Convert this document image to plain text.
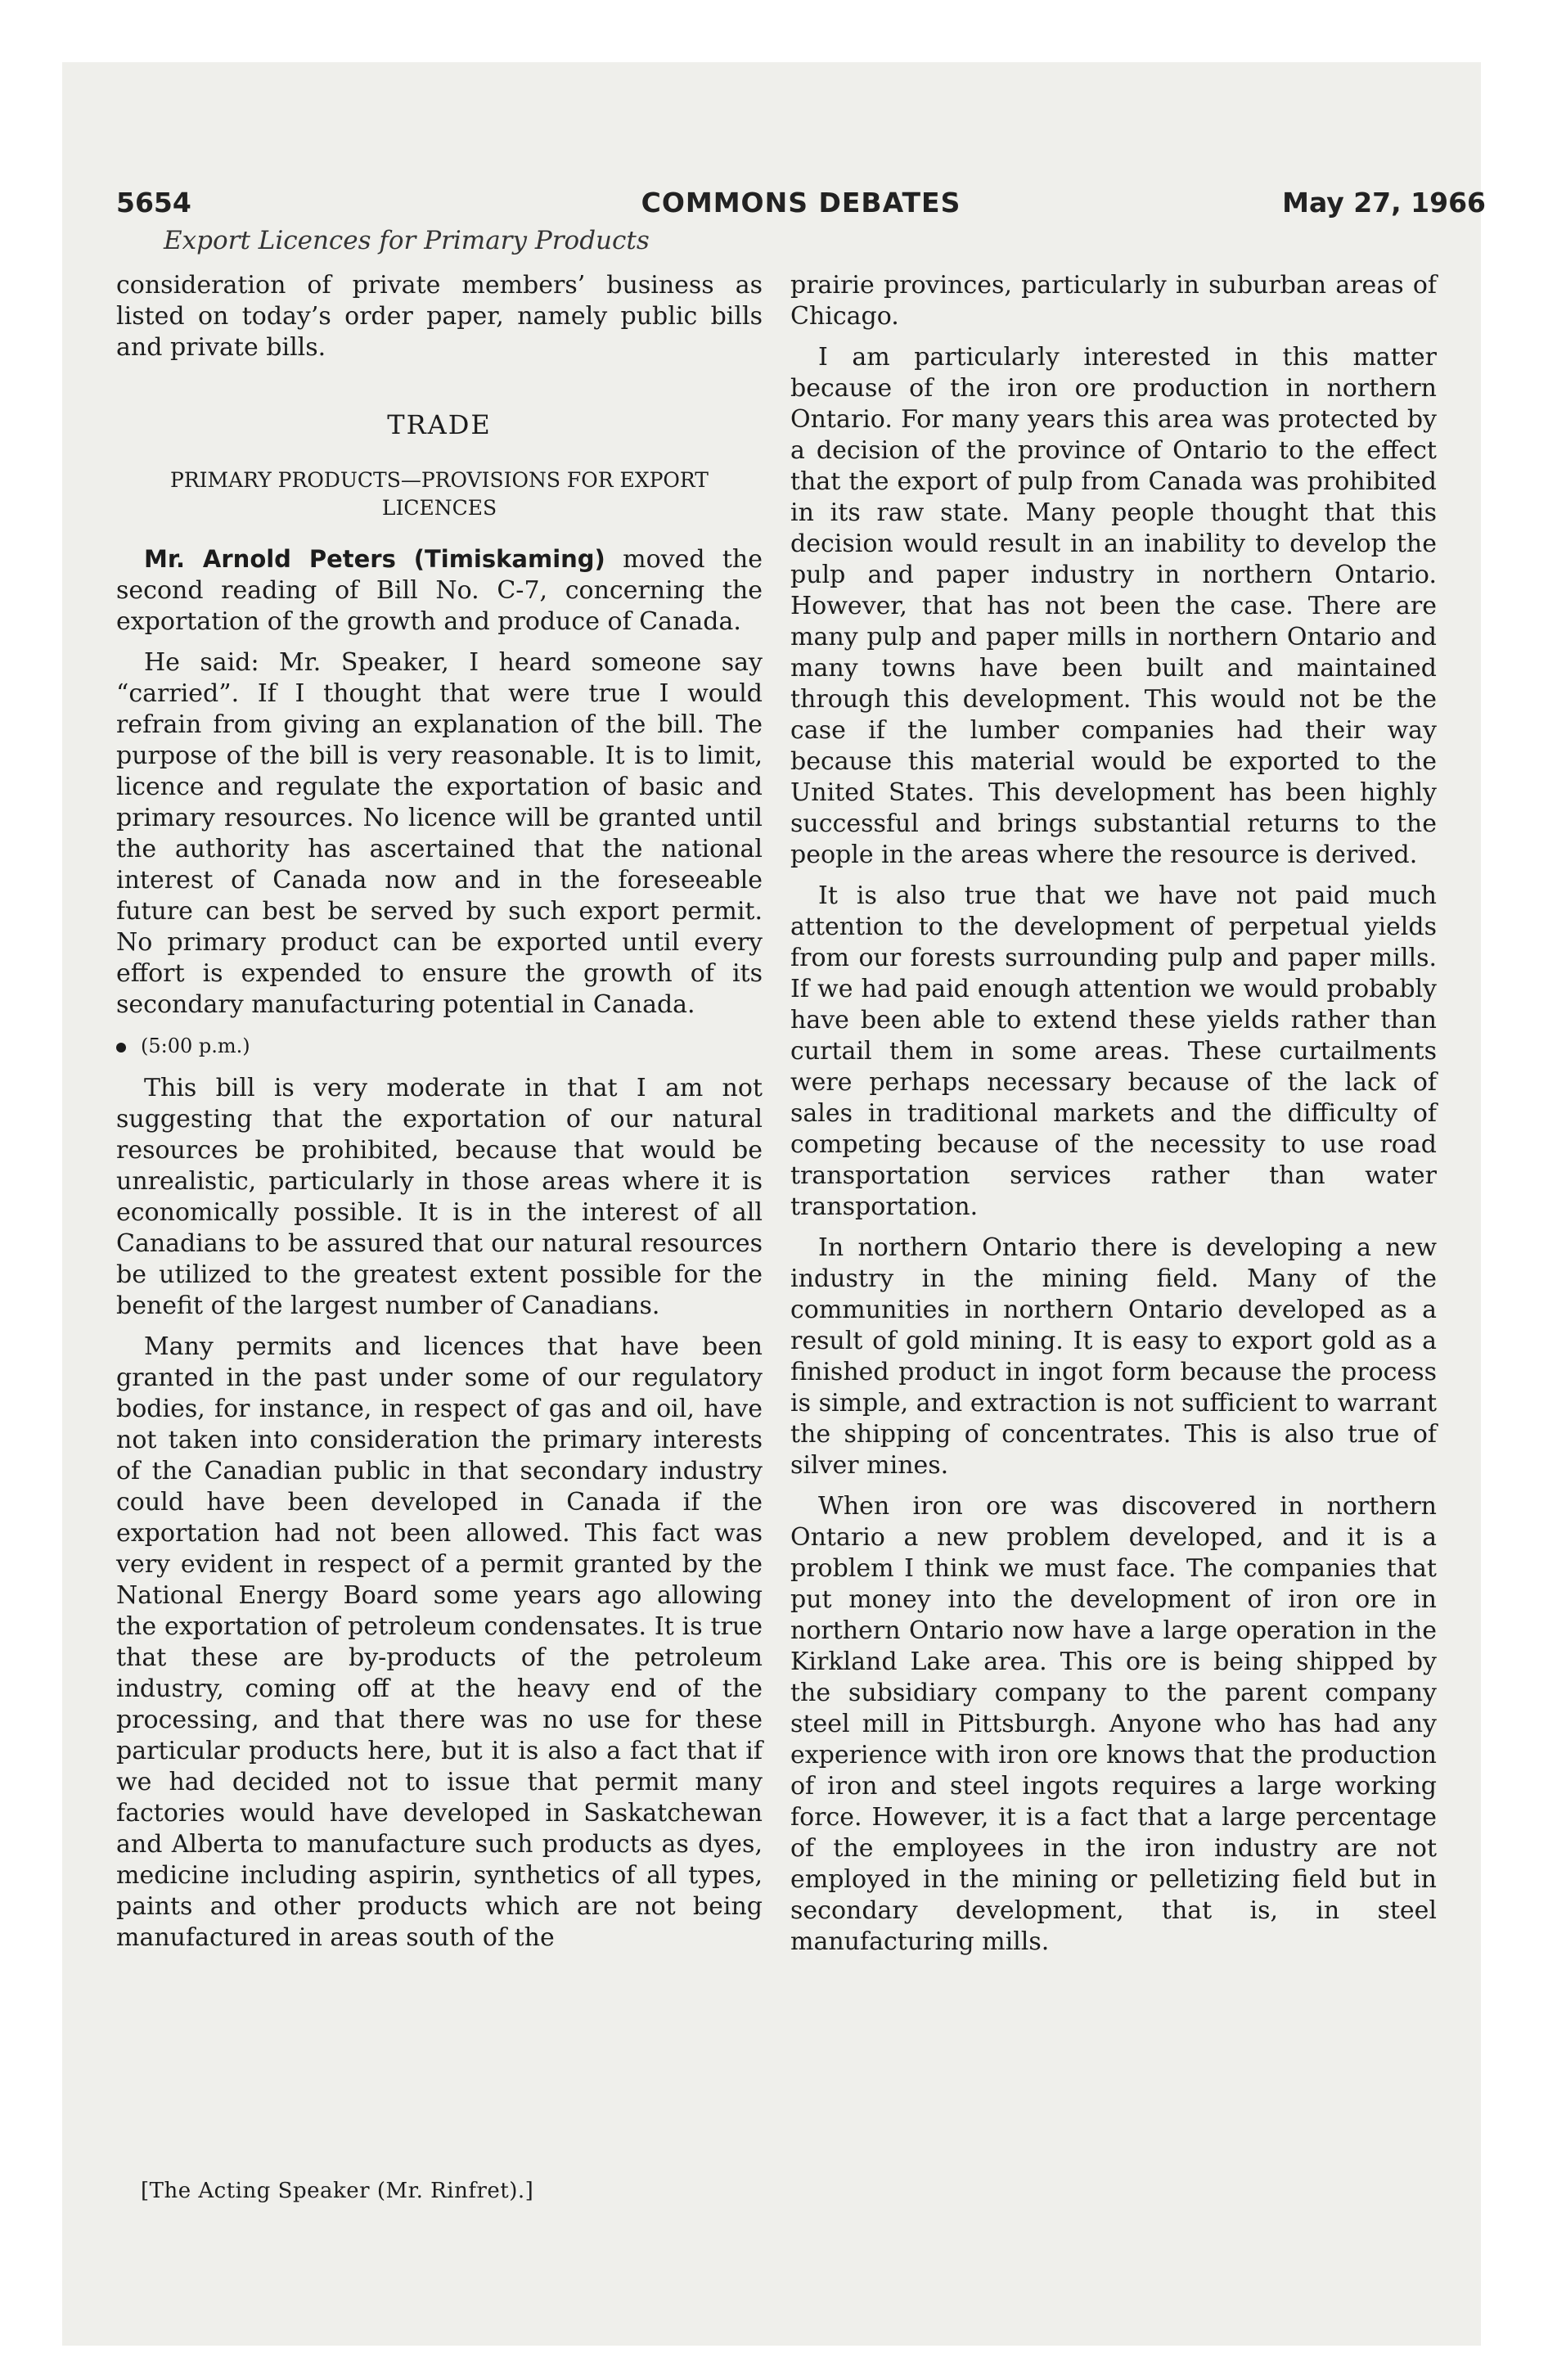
5654	COMMONS DEBATES	May 27, 1966
Export Licences for Primary Products

consideration of private members’ business as listed on today’s order paper, namely public bills and private bills.

TRADE
PRIMARY PRODUCTS—PROVISIONS FOR EXPORT LICENCES

Mr. Arnold Peters (Timiskaming) moved the second reading of Bill No. C-7, concerning the exportation of the growth and produce of Canada.

He said: Mr. Speaker, I heard someone say “carried”. If I thought that were true I would refrain from giving an explanation of the bill. The purpose of the bill is very reasonable. It is to limit, licence and regulate the exportation of basic and primary resources. No licence will be granted until the authority has ascertained that the national interest of Canada now and in the foreseeable future can best be served by such export permit. No primary product can be exported until every effort is expended to ensure the growth of its secondary manufacturing potential in Canada.

(5:00 p.m.)

This bill is very moderate in that I am not suggesting that the exportation of our natural resources be prohibited, because that would be unrealistic, particularly in those areas where it is economically possible. It is in the interest of all Canadians to be assured that our natural resources be utilized to the greatest extent possible for the benefit of the largest number of Canadians.

Many permits and licences that have been granted in the past under some of our regulatory bodies, for instance, in respect of gas and oil, have not taken into consideration the primary interests of the Canadian public in that secondary industry could have been developed in Canada if the exportation had not been allowed. This fact was very evident in respect of a permit granted by the National Energy Board some years ago allowing the exportation of petroleum condensates. It is true that these are by-products of the petroleum industry, coming off at the heavy end of the processing, and that there was no use for these particular products here, but it is also a fact that if we had decided not to issue that permit many factories would have developed in Saskatchewan and Alberta to manufacture such products as dyes, medicine including aspirin, synthetics of all types, paints and other products which are not being manufactured in areas south of the

prairie provinces, particularly in suburban areas of Chicago.

I am particularly interested in this matter because of the iron ore production in northern Ontario. For many years this area was protected by a decision of the province of Ontario to the effect that the export of pulp from Canada was prohibited in its raw state. Many people thought that this decision would result in an inability to develop the pulp and paper industry in northern Ontario. However, that has not been the case. There are many pulp and paper mills in northern Ontario and many towns have been built and maintained through this development. This would not be the case if the lumber companies had their way because this material would be exported to the United States. This development has been highly successful and brings substantial returns to the people in the areas where the resource is derived.

It is also true that we have not paid much attention to the development of perpetual yields from our forests surrounding pulp and paper mills. If we had paid enough attention we would probably have been able to extend these yields rather than curtail them in some areas. These curtailments were perhaps necessary because of the lack of sales in traditional markets and the difficulty of competing because of the necessity to use road transportation services rather than water transportation.

In northern Ontario there is developing a new industry in the mining field. Many of the communities in northern Ontario developed as a result of gold mining. It is easy to export gold as a finished product in ingot form because the process is simple, and extraction is not sufficient to warrant the shipping of concentrates. This is also true of silver mines.

When iron ore was discovered in northern Ontario a new problem developed, and it is a problem I think we must face. The companies that put money into the development of iron ore in northern Ontario now have a large operation in the Kirkland Lake area. This ore is being shipped by the subsidiary company to the parent company steel mill in Pittsburgh. Anyone who has had any experience with iron ore knows that the production of iron and steel ingots requires a large working force. However, it is a fact that a large percentage of the employees in the iron industry are not employed in the mining or pelletizing field but in secondary development, that is, in steel manufacturing mills.

[The Acting Speaker (Mr. Rinfret).]
